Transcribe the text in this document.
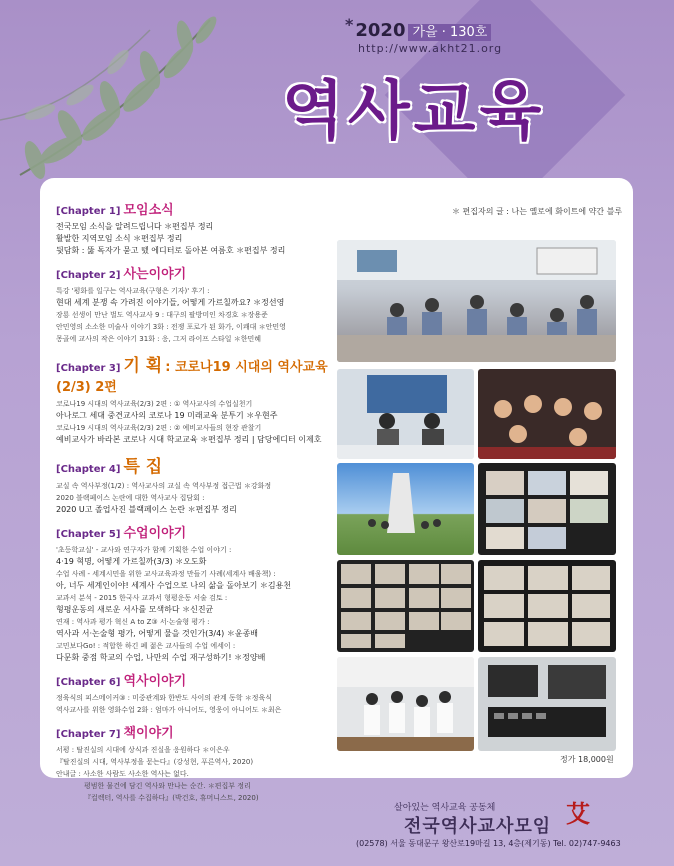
* 2020 가을 · 130호
http://www.akht21.org
역사교육
＊ 편집자의 글 : 나는 옐로에 화이트에 약간 블루
[Chapter 1] 모임소식
전국모임 소식을 알려드립니다 ＊편집부 정리
활발한 지역모임 소식 ＊편집부 정리
뒷담화 : 뚫 독자가 묻고 뗐 에디터로 돌아본 여름호 ＊편집부 정리
[Chapter 2] 사는이야기
특강 '평화를 일구는 역사교육(구형은 기자)' 후기 :
현대 세계 분쟁 속 가려진 이야기들, 어떻게 가르칠까요? ＊정선영
장룡 선생이 만난 벌도 역사교사 9 : 대구의 팔방미인 차경호 ＊장용준
안민영의 소소한 미술사 이야기 3화 : 전쟁 포로가 된 화가, 이쾌대 ＊안민영
몽골에 교사의 작은 이야기 31화 : 응, 그저 라이프 스타일 ＊한민혜
[Chapter 3] 기 획 : 코로나19 시대의 역사교육(2/3) 2편
코로나19 시대의 역사교육(2/3) 2편 : ① 역사교사의 수업실천기
아나로그 세대 중견교사의 코로나 19 미래교육 분투기 ＊우현주
코로나19 시대의 역사교육(2/3) 2편 : ② 예비교사들의 현장 관찰기
예비교사가 바라본 코로나 시대 학교교육 ＊편집부 정리 | 담당에디터 이제호
[Chapter 4] 특 집
교실 속 역사부정(1/2) : 역사교사의 교실 속 역사부정 접근법 ＊강화정
2020 블랙페이스 논란에 대한 역사교사 집담회 :
2020 U고 졸업사진 블랙페이스 논란 ＊편집부 정리
[Chapter 5] 수업이야기
'초등학교실' - 교사와 연구자가 함께 기획한 수업 이야기 :
4·19 혁명, 어떻게 가르칠까(3/3) ＊오도화
수업 사례 - 세계시민을 위한 교사교육과정 만들기 사례(세계사 배움책) :
아, 너두 세계인이야! 세계사 수업으로 나의 삶을 돌아보기 ＊김용천
교과서 분석 - 2015 한국사 교과서 형평운동 서술 검토 :
형평운동의 새로운 서사를 모색하다 ＊신진균
연재 : 역사과 평가 혁신 A to Z③ 서·논술형 평가 :
역사과 서·논술형 평가, 어떻게 물을 것인가(3/4) ＊윤종배
고민보다Go! : 적합한 하긴 폐 젊은 교사들의 수업 에세이 :
다문화 중점 학교의 수업, 나만의 수업 재구성하기! ＊정양배
[Chapter 6] 역사이야기
정육식의 피스메이커③ : 미중관계와 한반도 사이의 관계 동학 ＊정육식
역사교사를 위한 영화수업 2화 : 엄마가 아니어도, 영웅이 아니어도 ＊최은
[Chapter 7] 책이야기
서평 : 탈진실의 시대에 상식과 진실을 응원하다 ＊이은우
『탈진실의 시대, 역사부정을 묻는다』(강성현, 푸른역사, 2020)
안내글 : 사소한 사람도 사소한 역사는 없다.
평범한 물건에 담긴 역사와 만나는 순간. ＊편집부 정리
『컬렉터, 역사를 수집하다』(박건호, 휴머니스트, 2020)
정가 18,000원
살아있는 역사교육 공동체
전국역사교사모임 艾
(02578) 서울 동대문구 왕산로19마길 13, 4층(제기동) Tel. 02)747-9463
